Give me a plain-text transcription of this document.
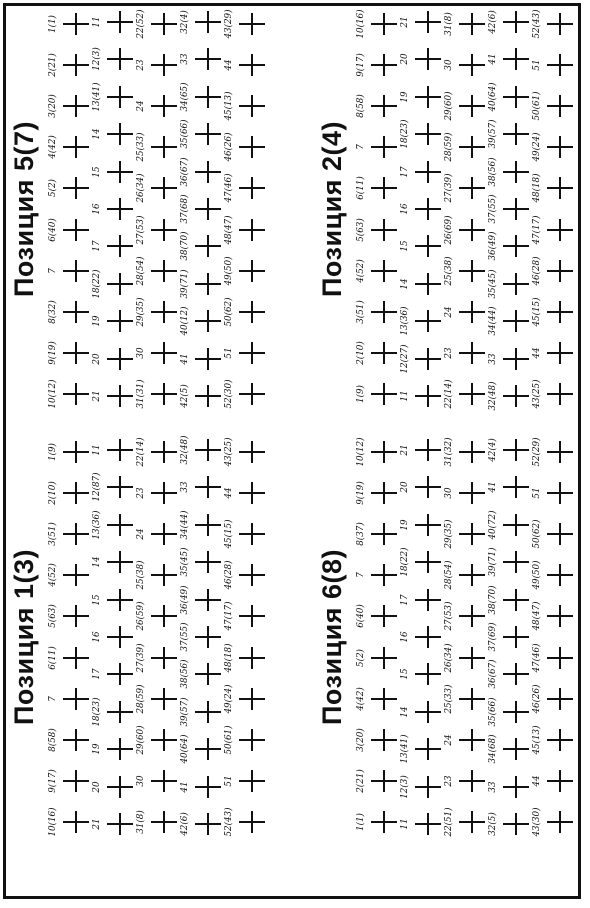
Позиция 1(3)
10(16)
9(17)
8(58)
7
6(11)
5(63)
4(52)
3(51)
2(10)
1(9)
21
20
19
18(23)
17
16
15
14
13(36)
12(87)
11
31(8)
30
29(60)
28(59)
27(39)
26(59)
25(38)
24
23
22(14)
42(6)
41
40(64)
39(57)
38(56)
37(55)
36(49)
35(45)
34(44)
33
32(48)
52(43)
51
50(61)
49(24)
48(18)
47(17)
46(28)
45(15)
44
43(25)
Позиция 2(4)
1(9)
2(10)
3(51)
4(52)
5(63)
6(11)
7
8(58)
9(17)
10(16)
11
12(27)
13(36)
14
15
16
17
18(23)
19
20
21
22(14)
23
24
25(38)
26(69)
27(39)
28(59)
29(60)
30
31(8)
32(48)
33
34(44)
35(45)
36(49)
37(55)
38(56)
39(57)
40(64)
41
42(6)
43(25)
44
45(15)
46(28)
47(17)
48(18)
49(24)
50(61)
51
52(43)
Позиция 5(7)
10(12)
9(19)
8(32)
7
6(40)
5(2)
4(42)
3(20)
2(21)
1(1)
21
20
19
18(22)
17
16
15
14
13(41)
12(3)
11
31(31)
30
29(35)
28(54)
27(53)
26(34)
25(33)
24
23
22(52)
42(5)
41
40(12)
39(71)
38(70)
37(68)
36(67)
35(66)
34(65)
33
32(4)
52(30)
51
50(62)
49(50)
48(47)
47(46)
46(26)
45(13)
44
43(29)
Позиция 6(8)
1(1)
2(21)
3(20)
4(42)
5(2)
6(40)
7
8(37)
9(19)
10(12)
11
12(3)
13(41)
14
15
16
17
18(22)
19
20
21
22(51)
23
24
25(33)
26(34)
27(53)
28(54)
29(35)
30
31(32)
32(5)
33
34(68)
35(66)
36(67)
37(69)
38(70)
39(71)
40(72)
41
42(4)
43(30)
44
45(13)
46(26)
47(46)
48(47)
49(50)
50(62)
51
52(29)
